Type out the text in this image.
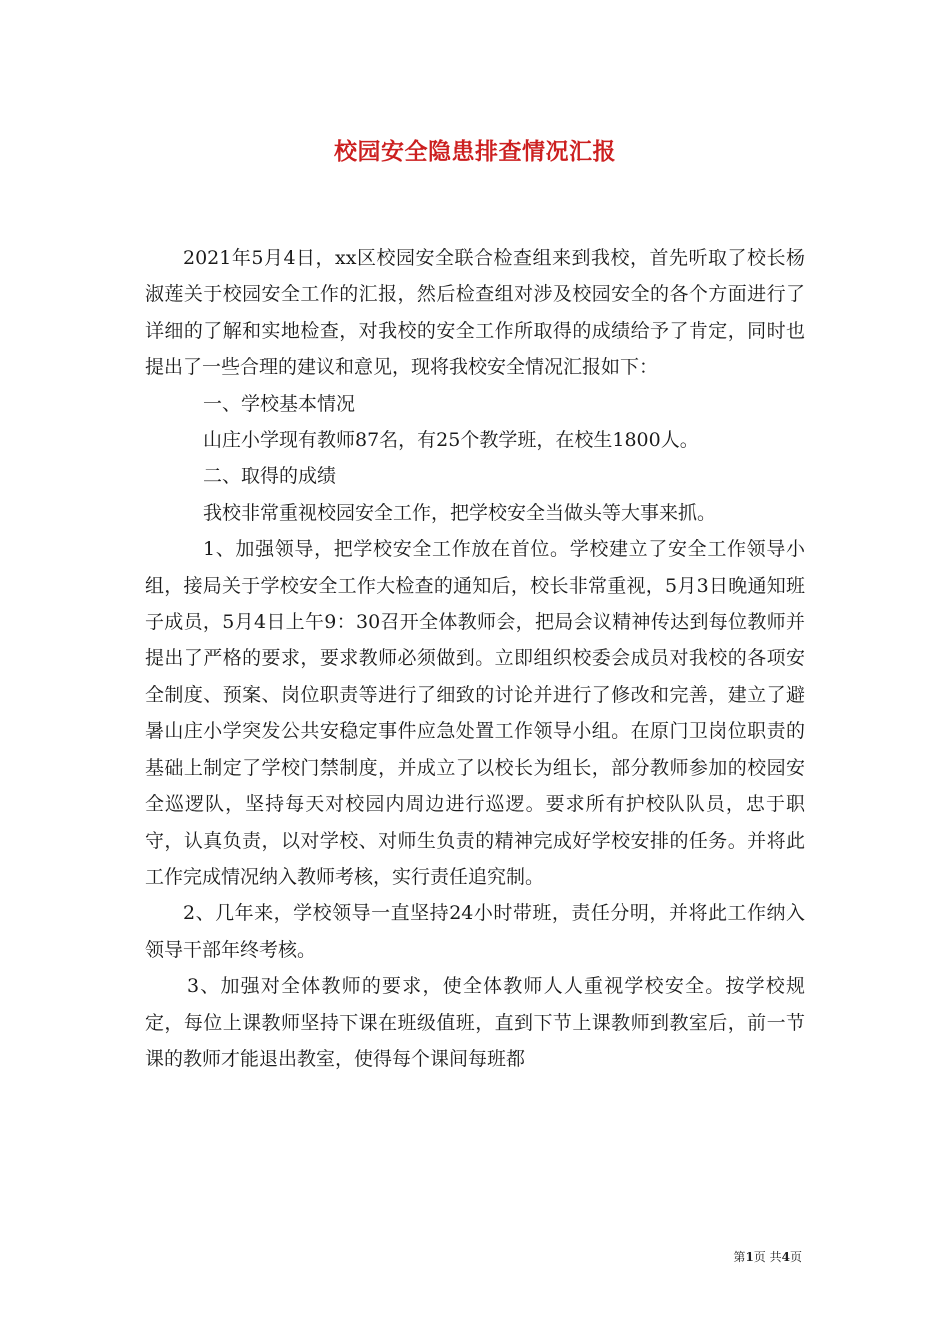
校园安全隐患排查情况汇报

2021年5月4日，xx区校园安全联合检查组来到我校，首先听取了校长杨淑莲关于校园安全工作的汇报，然后检查组对涉及校园安全的各个方面进行了详细的了解和实地检查，对我校的安全工作所取得的成绩给予了肯定，同时也提出了一些合理的建议和意见，现将我校安全情况汇报如下：

一、学校基本情况

山庄小学现有教师87名，有25个教学班，在校生1800人。

二、取得的成绩

我校非常重视校园安全工作，把学校安全当做头等大事来抓。

1、加强领导，把学校安全工作放在首位。学校建立了安全工作领导小组，接局关于学校安全工作大检查的通知后，校长非常重视，5月3日晚通知班子成员，5月4日上午9：30召开全体教师会，把局会议精神传达到每位教师并提出了严格的要求，要求教师必须做到。立即组织校委会成员对我校的各项安全制度、预案、岗位职责等进行了细致的讨论并进行了修改和完善，建立了避暑山庄小学突发公共安稳定事件应急处置工作领导小组。在原门卫岗位职责的基础上制定了学校门禁制度，并成立了以校长为组长，部分教师参加的校园安全巡逻队，坚持每天对校园内周边进行巡逻。要求所有护校队队员，忠于职守，认真负责，以对学校、对师生负责的精神完成好学校安排的任务。并将此工作完成情况纳入教师考核，实行责任追究制。

2、几年来，学校领导一直坚持24小时带班，责任分明，并将此工作纳入领导干部年终考核。

3、加强对全体教师的要求，使全体教师人人重视学校安全。按学校规定，每位上课教师坚持下课在班级值班，直到下节上课教师到教室后，前一节课的教师才能退出教室，使得每个课间每班都

第1页 共4页
